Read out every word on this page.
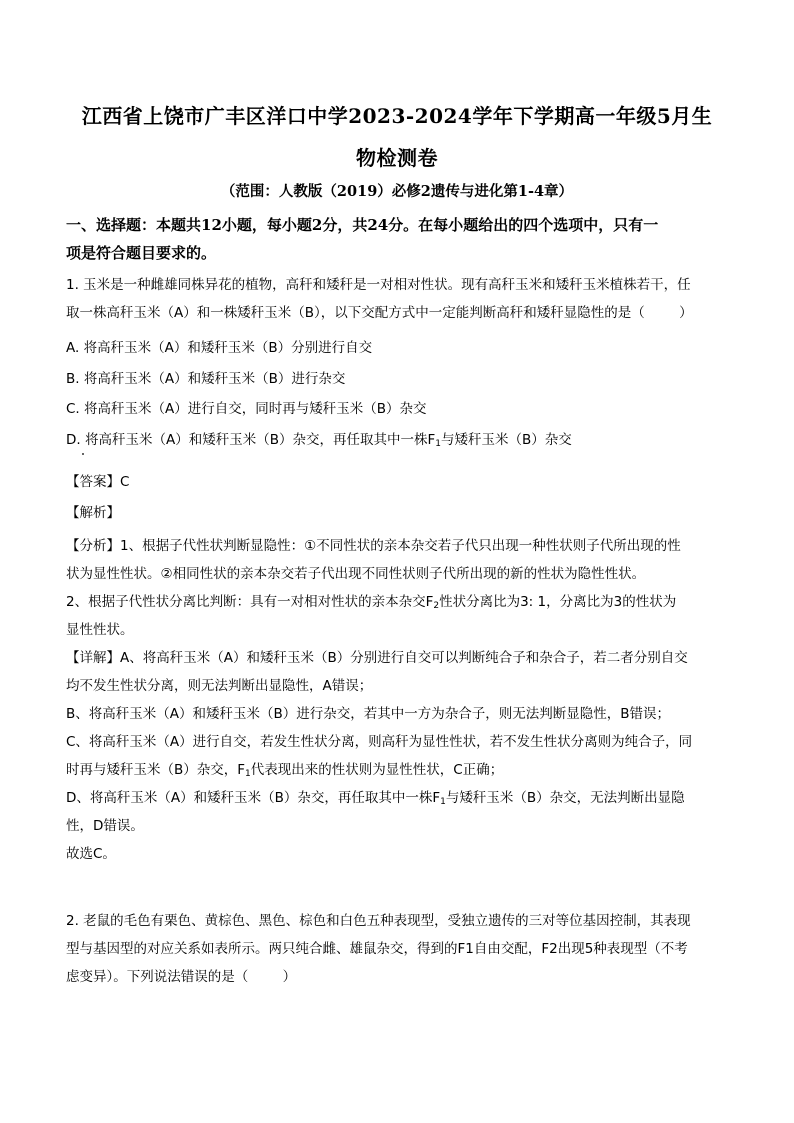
江西省上饶市广丰区洋口中学2023-2024学年下学期高一年级5月生
物检测卷
（范围：人教版（2019）必修2遗传与进化第1-4章）

一、选择题：本题共12小题，每小题2分，共24分。在每小题给出的四个选项中，只有一

项是符合题目要求的。

1. 玉米是一种雌雄同株异花的植物，高秆和矮秆是一对相对性状。现有高秆玉米和矮秆玉米植株若干，任

取一株高秆玉米（A）和一株矮秆玉米（B），以下交配方式中一定能判断高秆和矮秆显隐性的是（        ）

A. 将高秆玉米（A）和矮秆玉米（B）分别进行自交

B. 将高秆玉米（A）和矮秆玉米（B）进行杂交

C. 将高秆玉米（A）进行自交，同时再与矮秆玉米（B）杂交

D. 将高秆玉米（A）和矮秆玉米（B）杂交，再任取其中一株$F_1$与矮秆玉米（B）杂交

【答案】C

【解析】

【分析】1、根据子代性状判断显隐性：①不同性状的亲本杂交若子代只出现一种性状则子代所出现的性

状为显性性状。②相同性状的亲本杂交若子代出现不同性状则子代所出现的新的性状为隐性性状。

2、根据子代性状分离比判断：具有一对相对性状的亲本杂交$F_2$性状分离比为3: 1，分离比为3的性状为

显性性状。

【详解】A、将高秆玉米（A）和矮秆玉米（B）分别进行自交可以判断纯合子和杂合子，若二者分别自交

均不发生性状分离，则无法判断出显隐性，A错误；

B、将高秆玉米（A）和矮秆玉米（B）进行杂交，若其中一方为杂合子，则无法判断显隐性，B错误；

C、将高秆玉米（A）进行自交，若发生性状分离，则高秆为显性性状，若不发生性状分离则为纯合子，同

时再与矮秆玉米（B）杂交，$F_1$代表现出来的性状则为显性性状，C正确；

D、将高秆玉米（A）和矮秆玉米（B）杂交，再任取其中一株$F_1$与矮秆玉米（B）杂交，无法判断出显隐

性，D错误。

故选C。

2. 老鼠的毛色有栗色、黄棕色、黑色、棕色和白色五种表现型，受独立遗传的三对等位基因控制，其表现

型与基因型的对应关系如表所示。两只纯合雌、雄鼠杂交，得到的F1自由交配，F2出现5种表现型（不考

虑变异）。下列说法错误的是（        ）
